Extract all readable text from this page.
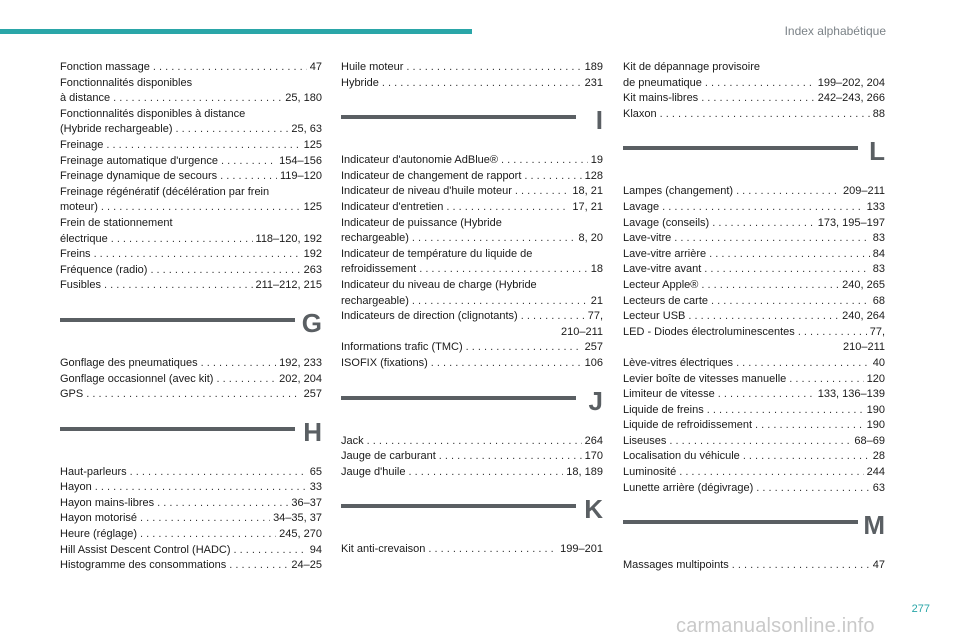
Index alphabétique
Fonction massage . . .	47
Fonctionnalités disponibles
à distance . . .	25, 180
Fonctionnalités disponibles à distance
(Hybride rechargeable) . . .	25, 63
Freinage . . .	125
Freinage automatique d'urgence . . .	154–156
Freinage dynamique de secours . . .	119–120
Freinage régénératif (décélération par frein
moteur) . . .	125
Frein de stationnement
électrique . . .	118–120, 192
Freins . . .	192
Fréquence (radio) . . .	263
Fusibles . . .	211–212, 215
G
Gonflage des pneumatiques . . .	192, 233
Gonflage occasionnel (avec kit) . . .	202, 204
GPS . . .	257
H
Haut-parleurs . . .	65
Hayon . . .	33
Hayon mains-libres . . .	36–37
Hayon motorisé . . .	34–35, 37
Heure (réglage) . . .	245, 270
Hill Assist Descent Control (HADC) . . .	94
Histogramme des consommations . . .	24–25
Huile moteur . . .	189
Hybride . . .	231
I
Indicateur d'autonomie AdBlue® . . .	19
Indicateur de changement de rapport . . .	128
Indicateur de niveau d'huile moteur . . .	18, 21
Indicateur d'entretien . . .	17, 21
Indicateur de puissance (Hybride
rechargeable) . . .	8, 20
Indicateur de température du liquide de
refroidissement . . .	18
Indicateur du niveau de charge (Hybride
rechargeable) . . .	21
Indicateurs de direction (clignotants) . . .	77,
210–211
Informations trafic (TMC) . . .	257
ISOFIX (fixations) . . .	106
J
Jack . . .	264
Jauge de carburant . . .	170
Jauge d'huile . . .	18, 189
K
Kit anti-crevaison . . .	199–201
Kit de dépannage provisoire
de pneumatique . . .	199–202, 204
Kit mains-libres . . .	242–243, 266
Klaxon . . .	88
L
Lampes (changement) . . .	209–211
Lavage . . .	133
Lavage (conseils) . . .	173, 195–197
Lave-vitre . . .	83
Lave-vitre arrière . . .	84
Lave-vitre avant . . .	83
Lecteur Apple® . . .	240, 265
Lecteurs de carte . . .	68
Lecteur USB . . .	240, 264
LED - Diodes électroluminescentes . . .	77,
210–211
Lève-vitres électriques . . .	40
Levier boîte de vitesses manuelle . . .	120
Limiteur de vitesse . . .	133, 136–139
Liquide de freins . . .	190
Liquide de refroidissement . . .	190
Liseuses . . .	68–69
Localisation du véhicule . . .	28
Luminosité . . .	244
Lunette arrière (dégivrage) . . .	63
M
Massages multipoints . . .	47
277
carmanualsonline.info
